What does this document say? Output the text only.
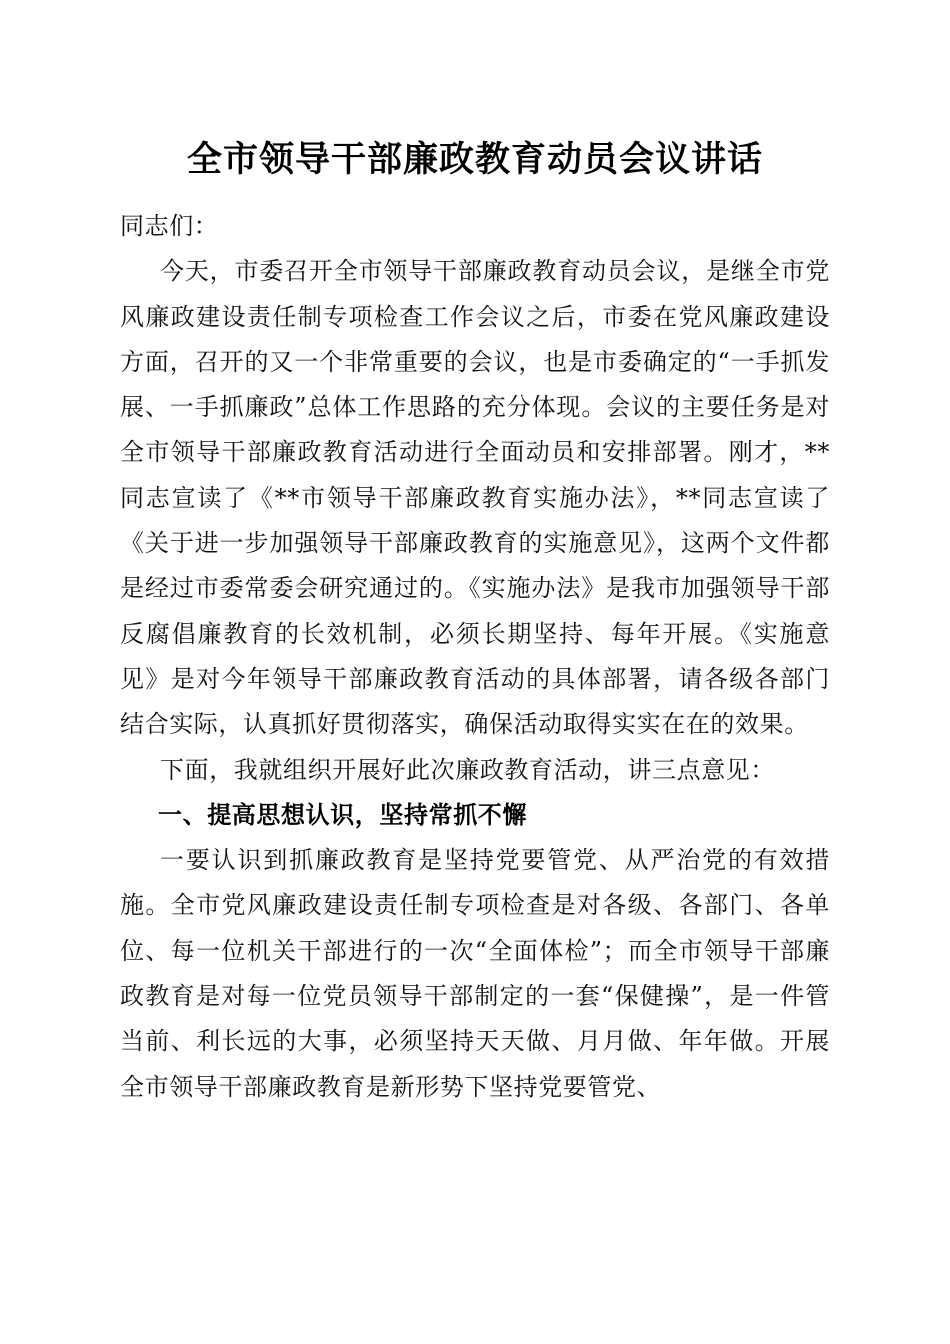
全市领导干部廉政教育动员会议讲话

同志们：

今天，市委召开全市领导干部廉政教育动员会议，是继全市党风廉政建设责任制专项检查工作会议之后，市委在党风廉政建设方面，召开的又一个非常重要的会议，也是市委确定的“一手抓发展、一手抓廉政”总体工作思路的充分体现。会议的主要任务是对全市领导干部廉政教育活动进行全面动员和安排部署。刚才，**同志宣读了《**市领导干部廉政教育实施办法》，**同志宣读了《关于进一步加强领导干部廉政教育的实施意见》，这两个文件都是经过市委常委会研究通过的。《实施办法》是我市加强领导干部反腐倡廉教育的长效机制，必须长期坚持、每年开展。《实施意见》是对今年领导干部廉政教育活动的具体部署，请各级各部门结合实际，认真抓好贯彻落实，确保活动取得实实在在的效果。

下面，我就组织开展好此次廉政教育活动，讲三点意见：

一、提高思想认识，坚持常抓不懈

一要认识到抓廉政教育是坚持党要管党、从严治党的有效措施。全市党风廉政建设责任制专项检查是对各级、各部门、各单位、每一位机关干部进行的一次“全面体检”；而全市领导干部廉政教育是对每一位党员领导干部制定的一套“保健操”，是一件管当前、利长远的大事，必须坚持天天做、月月做、年年做。开展全市领导干部廉政教育是新形势下坚持党要管党、
